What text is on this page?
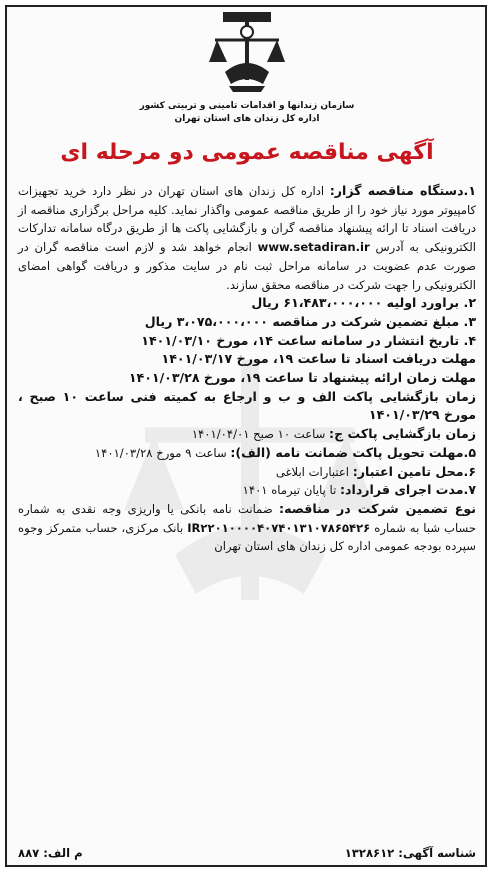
سازمان زندانها و اقدامات تامینی و تربیتی کشور
اداره کل زندان های استان تهران
آگهی مناقصه عمومی دو مرحله ای

۱.دستگاه مناقصه گزار: اداره کل زندان های استان تهران در نظر دارد خرید تجهیزات کامپیوتر مورد نیاز خود را از طریق مناقصه عمومی واگذار نماید. کلیه مراحل برگزاری مناقصه از دریافت اسناد تا ارائه پیشنهاد مناقصه گران و بازگشایی پاکت ها از طریق درگاه سامانه تدارکات الکترونیکی به آدرس www.setadiran.ir انجام خواهد شد و لازم است مناقصه گران در صورت عدم عضویت در سامانه مراحل ثبت نام در سایت مذکور و دریافت گواهی امضای الکترونیکی را جهت شرکت در مناقصه محقق سازند.

۲. براورد اولیه ۶۱،۴۸۳،۰۰۰،۰۰۰ ریال

۳. مبلغ تضمین شرکت در مناقصه ۳،۰۷۵،۰۰۰،۰۰۰ ریال

۴. تاریخ انتشار در سامانه ساعت ۱۴، مورخ ۱۴۰۱/۰۳/۱۰

مهلت دریافت اسناد تا ساعت ۱۹، مورخ ۱۴۰۱/۰۳/۱۷

مهلت زمان ارائه پیشنهاد تا ساعت ۱۹، مورخ ۱۴۰۱/۰۳/۲۸

زمان بازگشایی پاکت الف و ب و ارجاع به کمیته فنی ساعت ۱۰ صبح ، مورخ ۱۴۰۱/۰۳/۲۹

زمان بازگشایی پاکت ج: ساعت ۱۰ صبح ۱۴۰۱/۰۴/۰۱

۵.مهلت تحویل پاکت ضمانت نامه (الف): ساعت ۹ مورخ ۱۴۰۱/۰۳/۲۸

۶.محل تامین اعتبار: اعتبارات ابلاغی

۷.مدت اجرای قرارداد: تا پایان تیرماه ۱۴۰۱

نوع تضمین شرکت در مناقصه: ضمانت نامه بانکی یا واریزی وجه نقدی به شماره حساب شبا به شماره IR۲۲۰۱۰۰۰۰۴۰۷۴۰۱۳۱۰۷۸۶۵۴۲۶ بانک مرکزی، حساب متمرکز وجوه سپرده بودجه عمومی اداره کل زندان های استان تهران

شناسه آگهی: ۱۳۲۸۶۱۲
م الف: ۸۸۷
